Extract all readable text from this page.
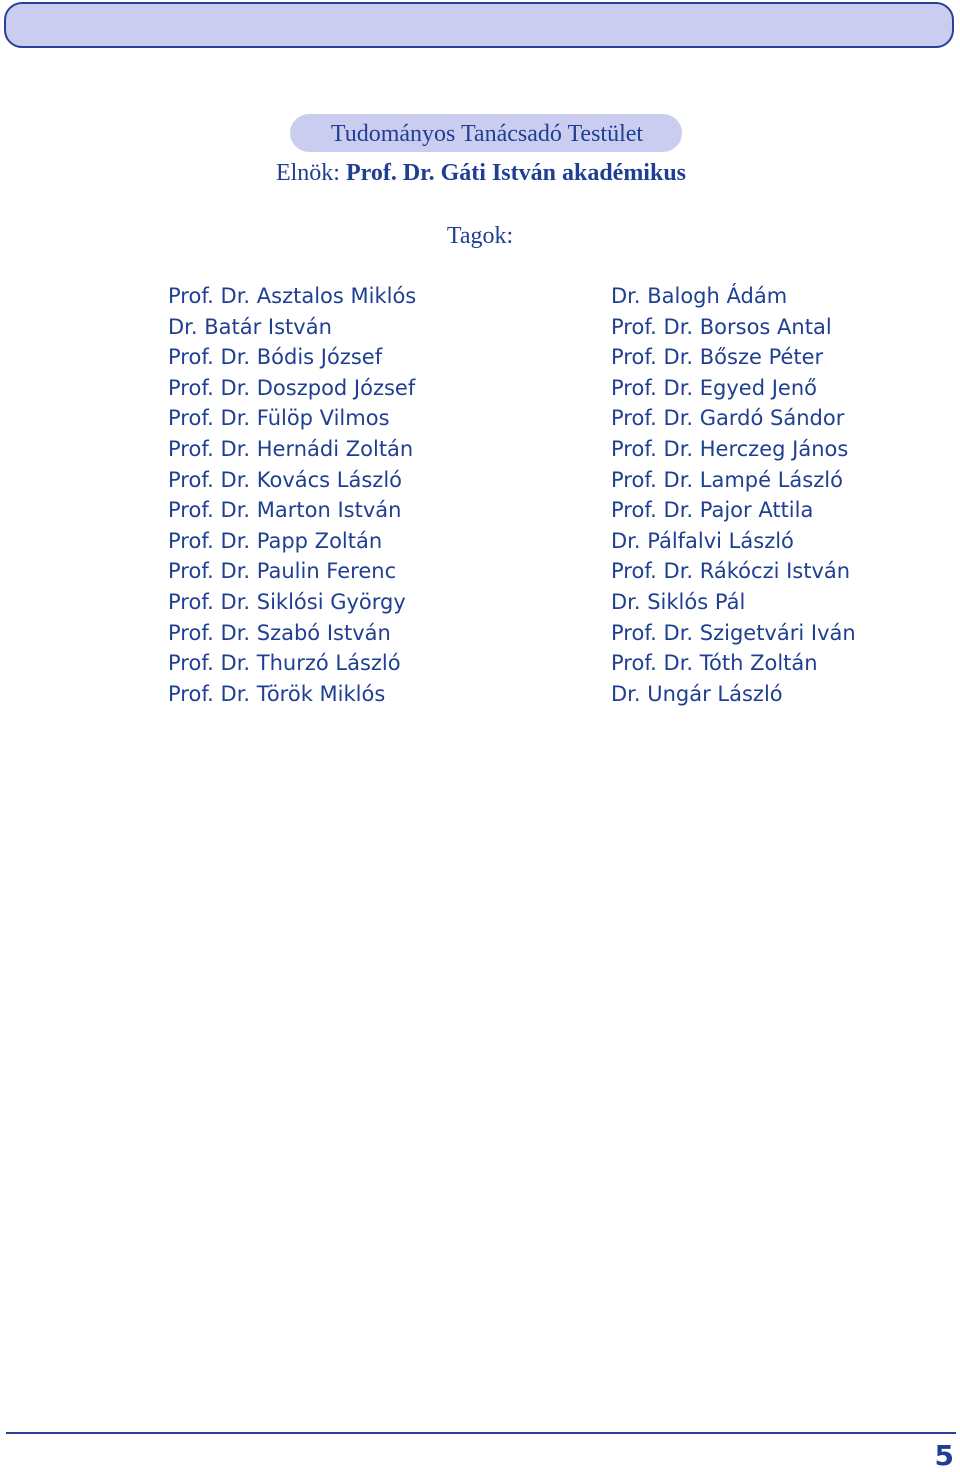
Tudományos Tanácsadó Testület
Elnök: Prof. Dr. Gáti István akadémikus
Tagok:
Prof. Dr. Asztalos Miklós
Dr. Batár István
Prof. Dr. Bódis József
Prof. Dr. Doszpod József
Prof. Dr. Fülöp Vilmos
Prof. Dr. Hernádi Zoltán
Prof. Dr. Kovács László
Prof. Dr. Marton István
Prof. Dr. Papp Zoltán
Prof. Dr. Paulin Ferenc
Prof. Dr. Siklósi György
Prof. Dr. Szabó István
Prof. Dr. Thurzó László
Prof. Dr. Török Miklós
Dr. Balogh Ádám
Prof. Dr. Borsos Antal
Prof. Dr. Bősze Péter
Prof. Dr. Egyed Jenő
Prof. Dr. Gardó Sándor
Prof. Dr. Herczeg János
Prof. Dr. Lampé László
Prof. Dr. Pajor Attila
Dr. Pálfalvi László
Prof. Dr. Rákóczi István
Dr. Siklós Pál
Prof. Dr. Szigetvári Iván
Prof. Dr. Tóth Zoltán
Dr. Ungár László
5
